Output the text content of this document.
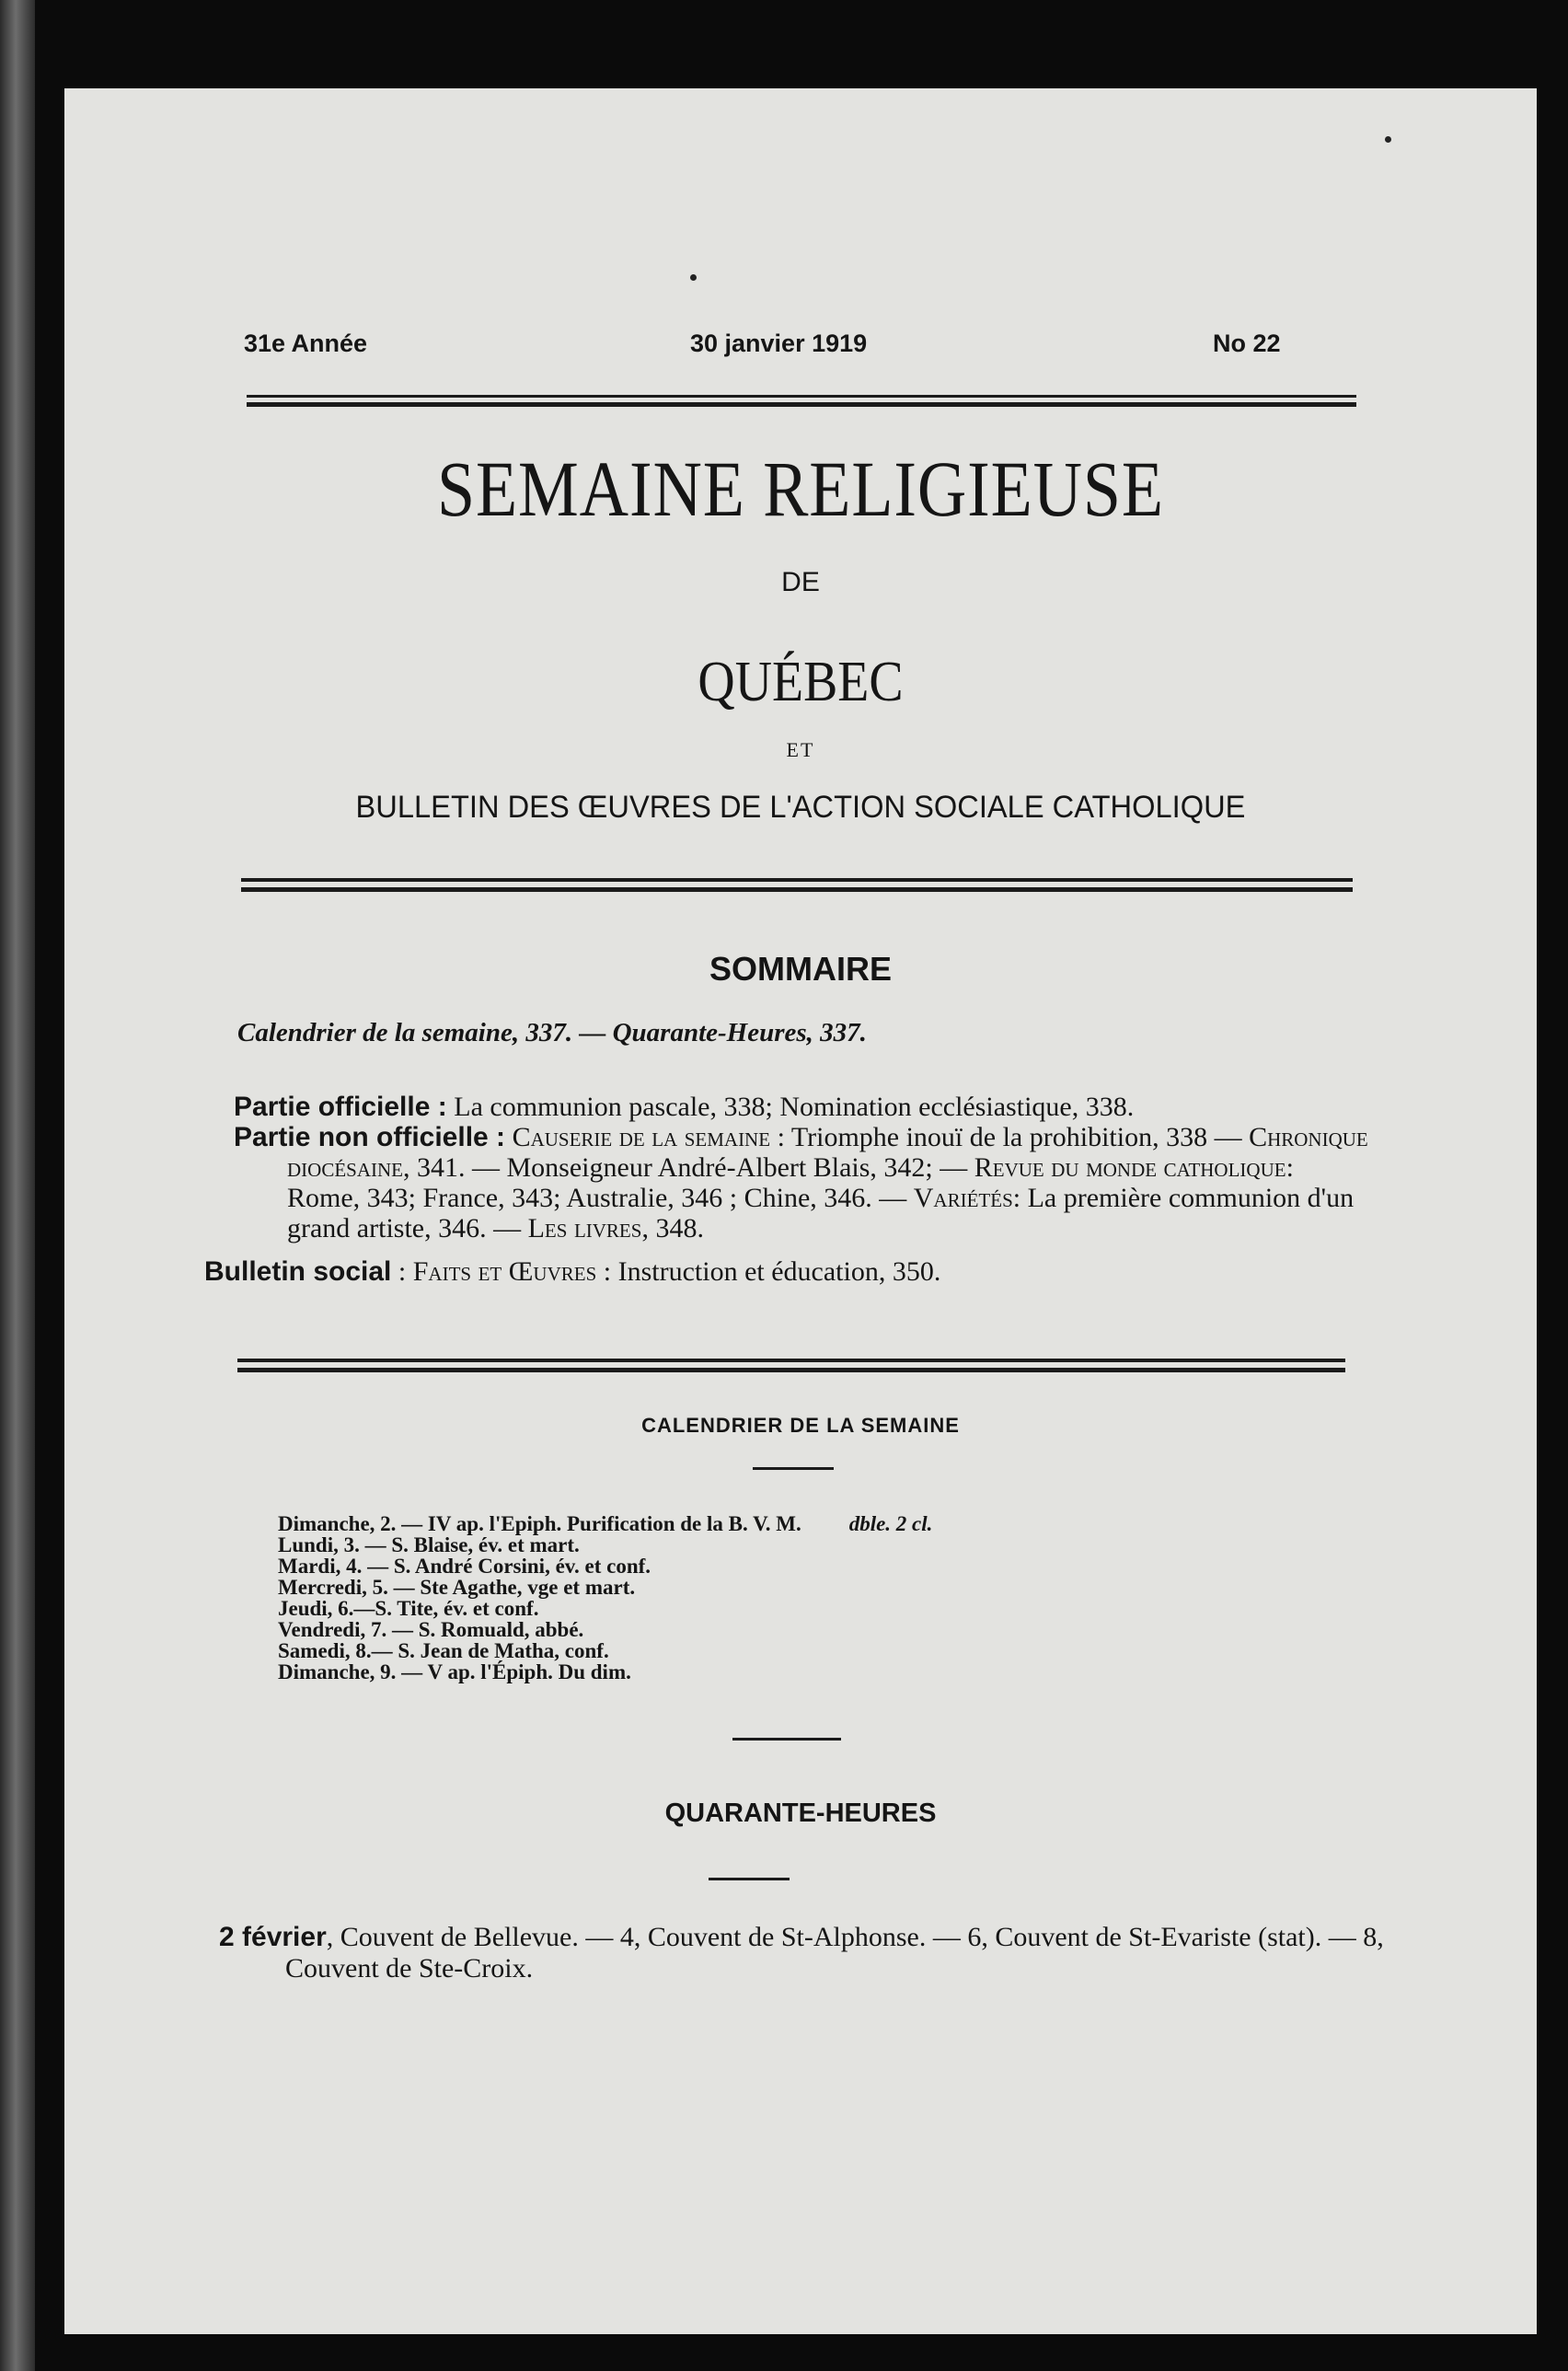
31e Année	30 janvier 1919	No 22
SEMAINE RELIGIEUSE
DE
QUÉBEC
ET
BULLETIN DES ŒUVRES DE L'ACTION SOCIALE CATHOLIQUE
SOMMAIRE
Calendrier de la semaine, 337. — Quarante-Heures, 337.

Partie officielle : La communion pascale, 338; Nomination ecclésiastique, 338.

Partie non officielle : Causerie de la semaine : Triomphe inouï de la prohibition, 338 — Chronique diocésaine, 341. — Monseigneur André-Albert Blais, 342; — Revue du monde catholique: Rome, 343; France, 343; Australie, 346 ; Chine, 346. — Variétés: La première communion d'un grand artiste, 346. — Les livres, 348.

Bulletin social : Faits et Œuvres : Instruction et éducation, 350.

CALENDRIER DE LA SEMAINE
Dimanche, 2. — IV ap. l'Epiph. Purification de la B. V. M. dble. 2 cl.
Lundi, 3. — S. Blaise, év. et mart.
Mardi, 4. — S. André Corsini, év. et conf.
Mercredi, 5. — Ste Agathe, vge et mart.
Jeudi, 6.—S. Tite, év. et conf.
Vendredi, 7. — S. Romuald, abbé.
Samedi, 8.— S. Jean de Matha, conf.
Dimanche, 9. — V ap. l'Épiph. Du dim.
QUARANTE-HEURES
2 février, Couvent de Bellevue. — 4, Couvent de St-Alphonse. — 6, Couvent de St-Evariste (stat). — 8, Couvent de Ste-Croix.
